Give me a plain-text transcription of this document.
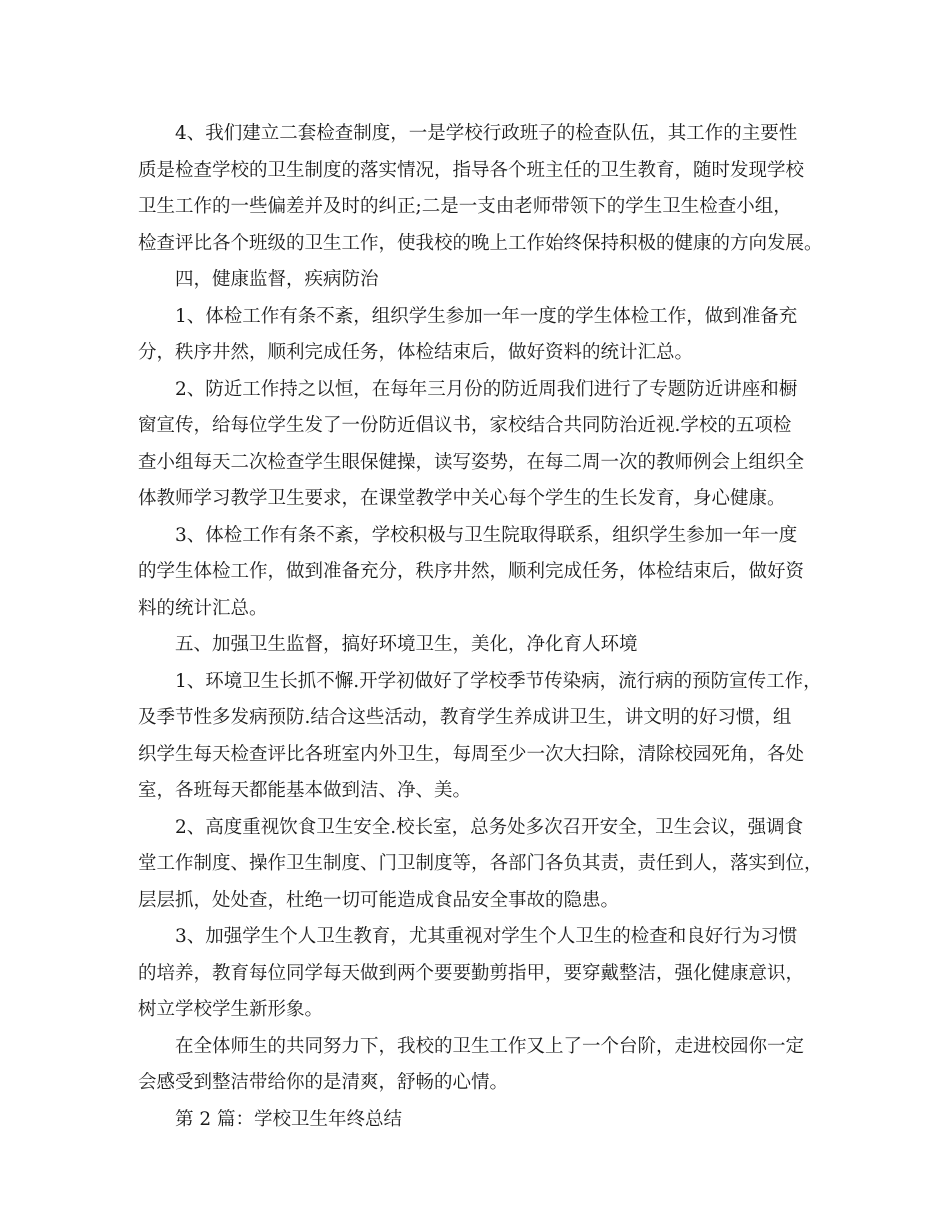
4、我们建立二套检查制度，一是学校行政班子的检查队伍，其工作的主要性
质是检查学校的卫生制度的落实情况，指导各个班主任的卫生教育，随时发现学校
卫生工作的一些偏差并及时的纠正;二是一支由老师带领下的学生卫生检查小组，
检查评比各个班级的卫生工作，使我校的晚上工作始终保持积极的健康的方向发展。
四，健康监督，疾病防治
1、体检工作有条不紊，组织学生参加一年一度的学生体检工作，做到准备充
分，秩序井然，顺利完成任务，体检结束后，做好资料的统计汇总。
2、防近工作持之以恒，在每年三月份的防近周我们进行了专题防近讲座和橱
窗宣传，给每位学生发了一份防近倡议书，家校结合共同防治近视.学校的五项检
查小组每天二次检查学生眼保健操，读写姿势，在每二周一次的教师例会上组织全
体教师学习教学卫生要求，在课堂教学中关心每个学生的生长发育，身心健康。
3、体检工作有条不紊，学校积极与卫生院取得联系，组织学生参加一年一度
的学生体检工作，做到准备充分，秩序井然，顺利完成任务，体检结束后，做好资
料的统计汇总。
五、加强卫生监督，搞好环境卫生，美化，净化育人环境
1、环境卫生长抓不懈.开学初做好了学校季节传染病，流行病的预防宣传工作，
及季节性多发病预防.结合这些活动，教育学生养成讲卫生，讲文明的好习惯，组
织学生每天检查评比各班室内外卫生，每周至少一次大扫除，清除校园死角，各处
室，各班每天都能基本做到洁、净、美。
2、高度重视饮食卫生安全.校长室，总务处多次召开安全，卫生会议，强调食
堂工作制度、操作卫生制度、门卫制度等，各部门各负其责，责任到人，落实到位，
层层抓，处处查，杜绝一切可能造成食品安全事故的隐患。
3、加强学生个人卫生教育，尤其重视对学生个人卫生的检查和良好行为习惯
的培养，教育每位同学每天做到两个要要勤剪指甲，要穿戴整洁，强化健康意识，
树立学校学生新形象。
在全体师生的共同努力下，我校的卫生工作又上了一个台阶，走进校园你一定
会感受到整洁带给你的是清爽，舒畅的心情。
第 2 篇：学校卫生年终总结
